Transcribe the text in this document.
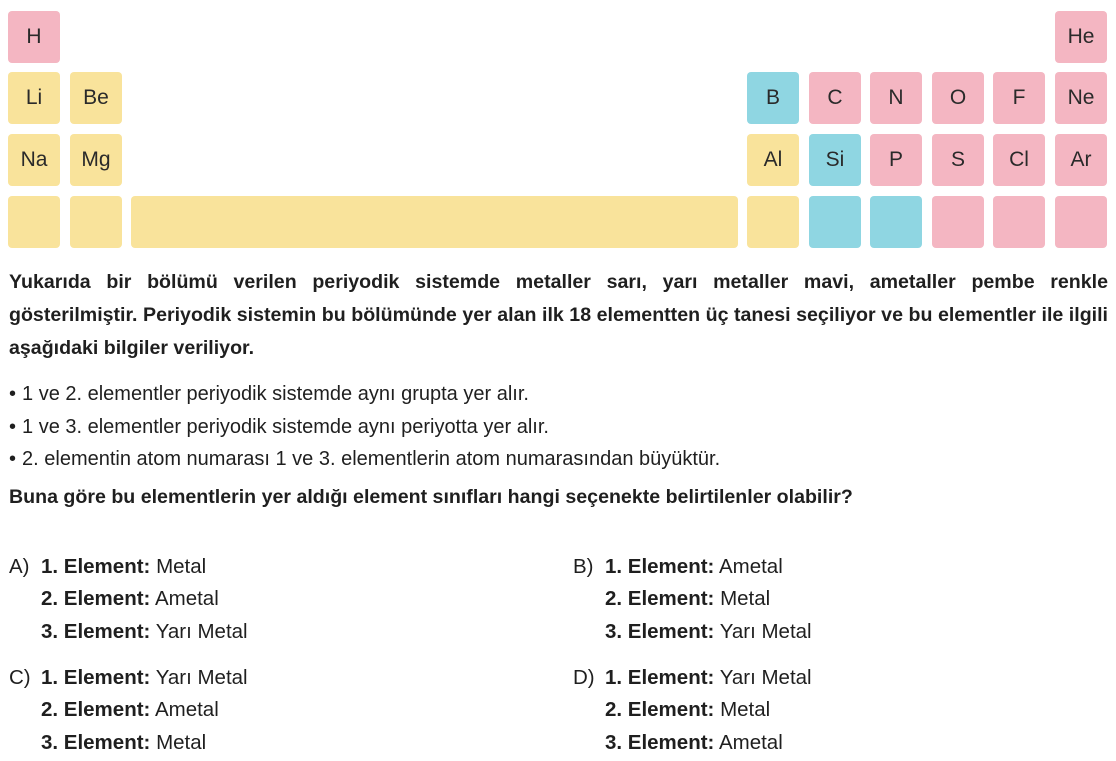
H	He
Li Be	B C N O F Ne
Na Mg	Al Si P S Cl Ar

Yukarıda bir bölümü verilen periyodik sistemde metaller sarı, yarı metaller mavi, ametaller pembe renkle gösterilmiştir. Periyodik sistemin bu bölümünde yer alan ilk 18 elementten üç tanesi seçiliyor ve bu elementler ile ilgili aşağıdaki bilgiler veriliyor.

• 1 ve 2. elementler periyodik sistemde aynı grupta yer alır.
• 1 ve 3. elementler periyodik sistemde aynı periyotta yer alır.
• 2. elementin atom numarası 1 ve 3. elementlerin atom numarasından büyüktür.

Buna göre bu elementlerin yer aldığı element sınıfları hangi seçenekte belirtilenler olabilir?

A) 1. Element: Metal
2. Element: Ametal
3. Element: Yarı Metal
B) 1. Element: Ametal
2. Element: Metal
3. Element: Yarı Metal
C) 1. Element: Yarı Metal
2. Element: Ametal
3. Element: Metal
D) 1. Element: Yarı Metal
2. Element: Metal
3. Element: Ametal
